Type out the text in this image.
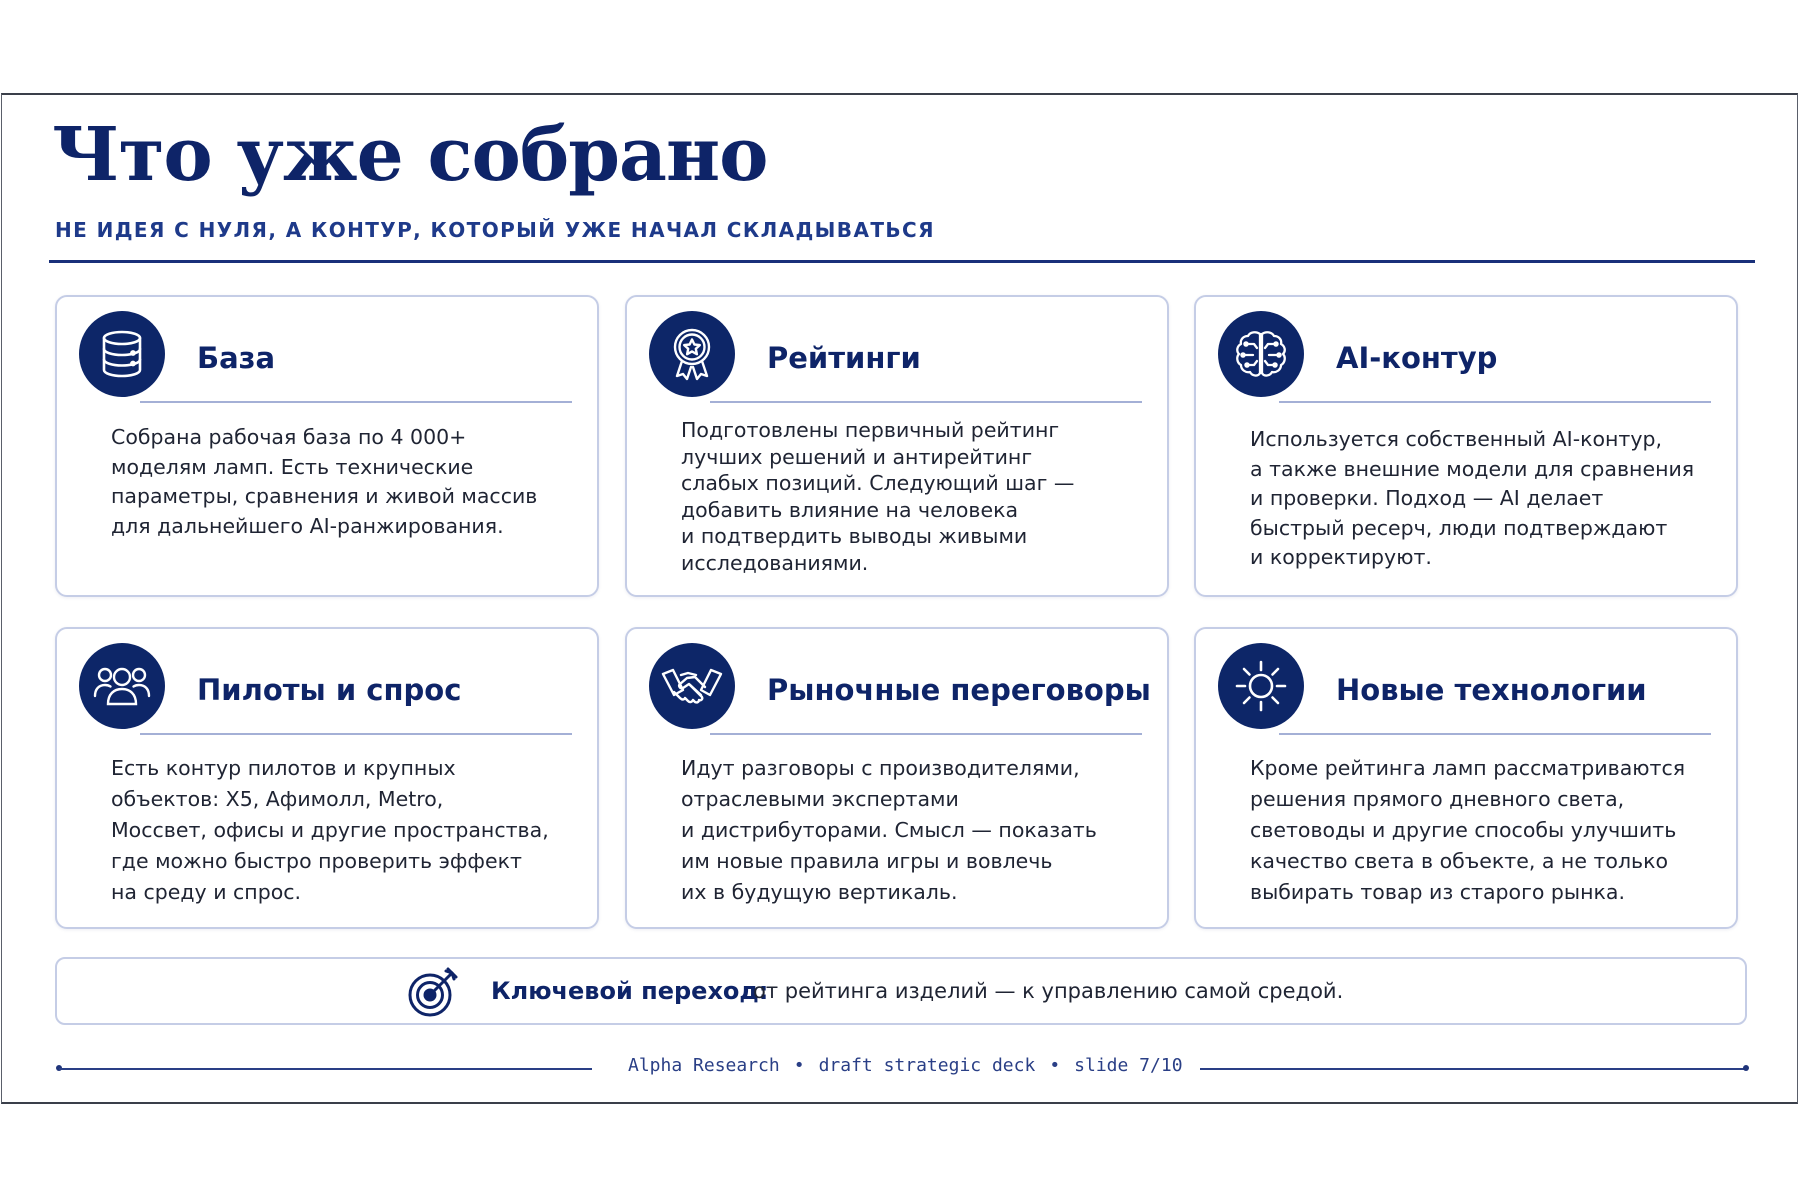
Что уже собрано
НЕ ИДЕЯ С НУЛЯ, А КОНТУР, КОТОРЫЙ УЖЕ НАЧАЛ СКЛАДЫВАТЬСЯ
База

Собрана рабочая база по 4 000+
моделям ламп. Есть технические
параметры, сравнения и живой массив
для дальнейшего AI-ранжирования.

Рейтинги

Подготовлены первичный рейтинг
лучших решений и антирейтинг
слабых позиций. Следующий шаг —
добавить влияние на человека
и подтвердить выводы живыми
исследованиями.

AI-контур

Используется собственный AI-контур,
а также внешние модели для сравнения
и проверки. Подход — AI делает
быстрый ресерч, люди подтверждают
и корректируют.

Пилоты и спрос

Есть контур пилотов и крупных
объектов: Х5, Афимолл, Metro,
Моссвет, офисы и другие пространства,
где можно быстро проверить эффект
на среду и спрос.

Рыночные переговоры

Идут разговоры с производителями,
отраслевыми экспертами
и дистрибуторами. Смысл — показать
им новые правила игры и вовлечь
их в будущую вертикаль.

Новые технологии

Кроме рейтинга ламп рассматриваются
решения прямого дневного света,
световоды и другие способы улучшить
качество света в объекте, а не только
выбирать товар из старого рынка.

Ключевой переход:
от рейтинга изделий — к управлению самой средой.
Alpha Research • draft strategic deck • slide 7/10
